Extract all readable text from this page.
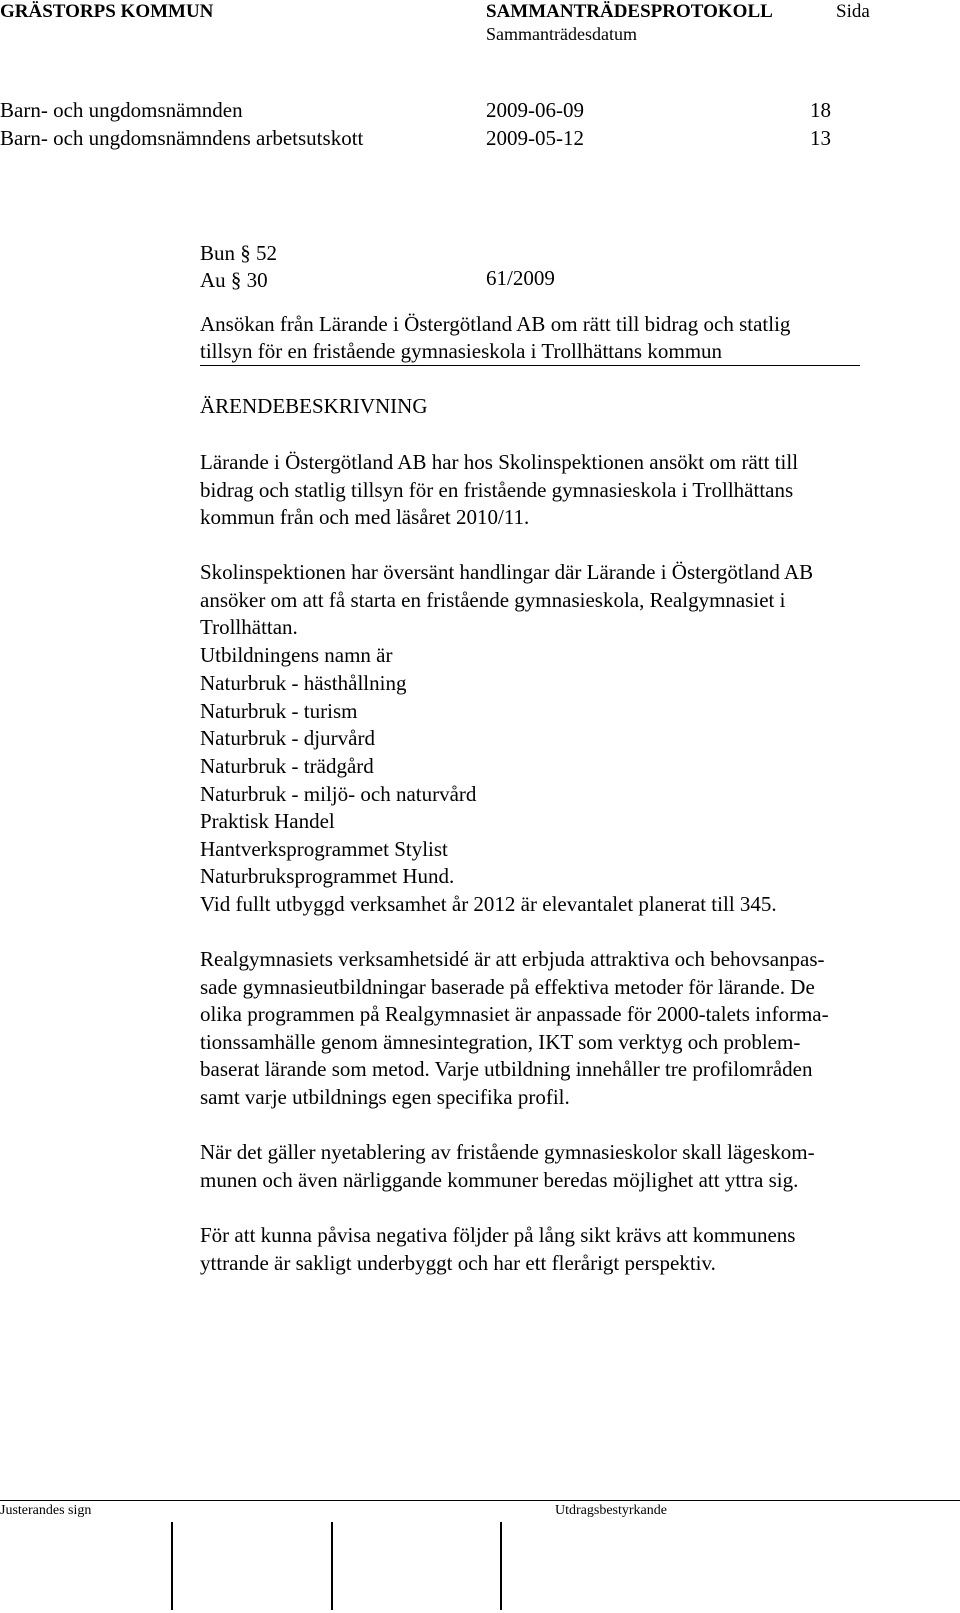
GRÄSTORPS KOMMUN	SAMMANTRÄDESPROTOKOLL	Sida
Sammanträdesdatum
Barn- och ungdomsnämnden	2009-06-09	18
Barn- och ungdomsnämndens arbetsutskott	2009-05-12	13
Bun § 52
Au § 30	61/2009
Ansökan från Lärande i Östergötland AB om rätt till bidrag och statlig
tillsyn för en fristående gymnasieskola i Trollhättans kommun
ÄRENDEBESKRIVNING
Lärande i Östergötland AB har hos Skolinspektionen ansökt om rätt till
bidrag och statlig tillsyn för en fristående gymnasieskola i Trollhättans
kommun från och med läsåret 2010/11.
Skolinspektionen har översänt handlingar där Lärande i Östergötland AB
ansöker om att få starta en fristående gymnasieskola, Realgymnasiet i
Trollhättan.
Utbildningens namn är
Naturbruk - hästhållning
Naturbruk - turism
Naturbruk - djurvård
Naturbruk - trädgård
Naturbruk - miljö- och naturvård
Praktisk Handel
Hantverksprogrammet Stylist
Naturbruksprogrammet Hund.
Vid fullt utbyggd verksamhet år 2012 är elevantalet planerat till 345.
Realgymnasiets verksamhetsidé är att erbjuda attraktiva och behovsanpas-
sade gymnasieutbildningar baserade på effektiva metoder för lärande. De
olika programmen på Realgymnasiet är anpassade för 2000-talets informa-
tionssamhälle genom ämnesintegration, IKT som verktyg och problem-
baserat lärande som metod. Varje utbildning innehåller tre profilområden
samt varje utbildnings egen specifika profil.
När det gäller nyetablering av fristående gymnasieskolor skall lägeskom-
munen och även närliggande kommuner beredas möjlighet att yttra sig.
För att kunna påvisa negativa följder på lång sikt krävs att kommunens
yttrande är sakligt underbyggt och har ett flerårigt perspektiv.
Justerandes sign	Utdragsbestyrkande
